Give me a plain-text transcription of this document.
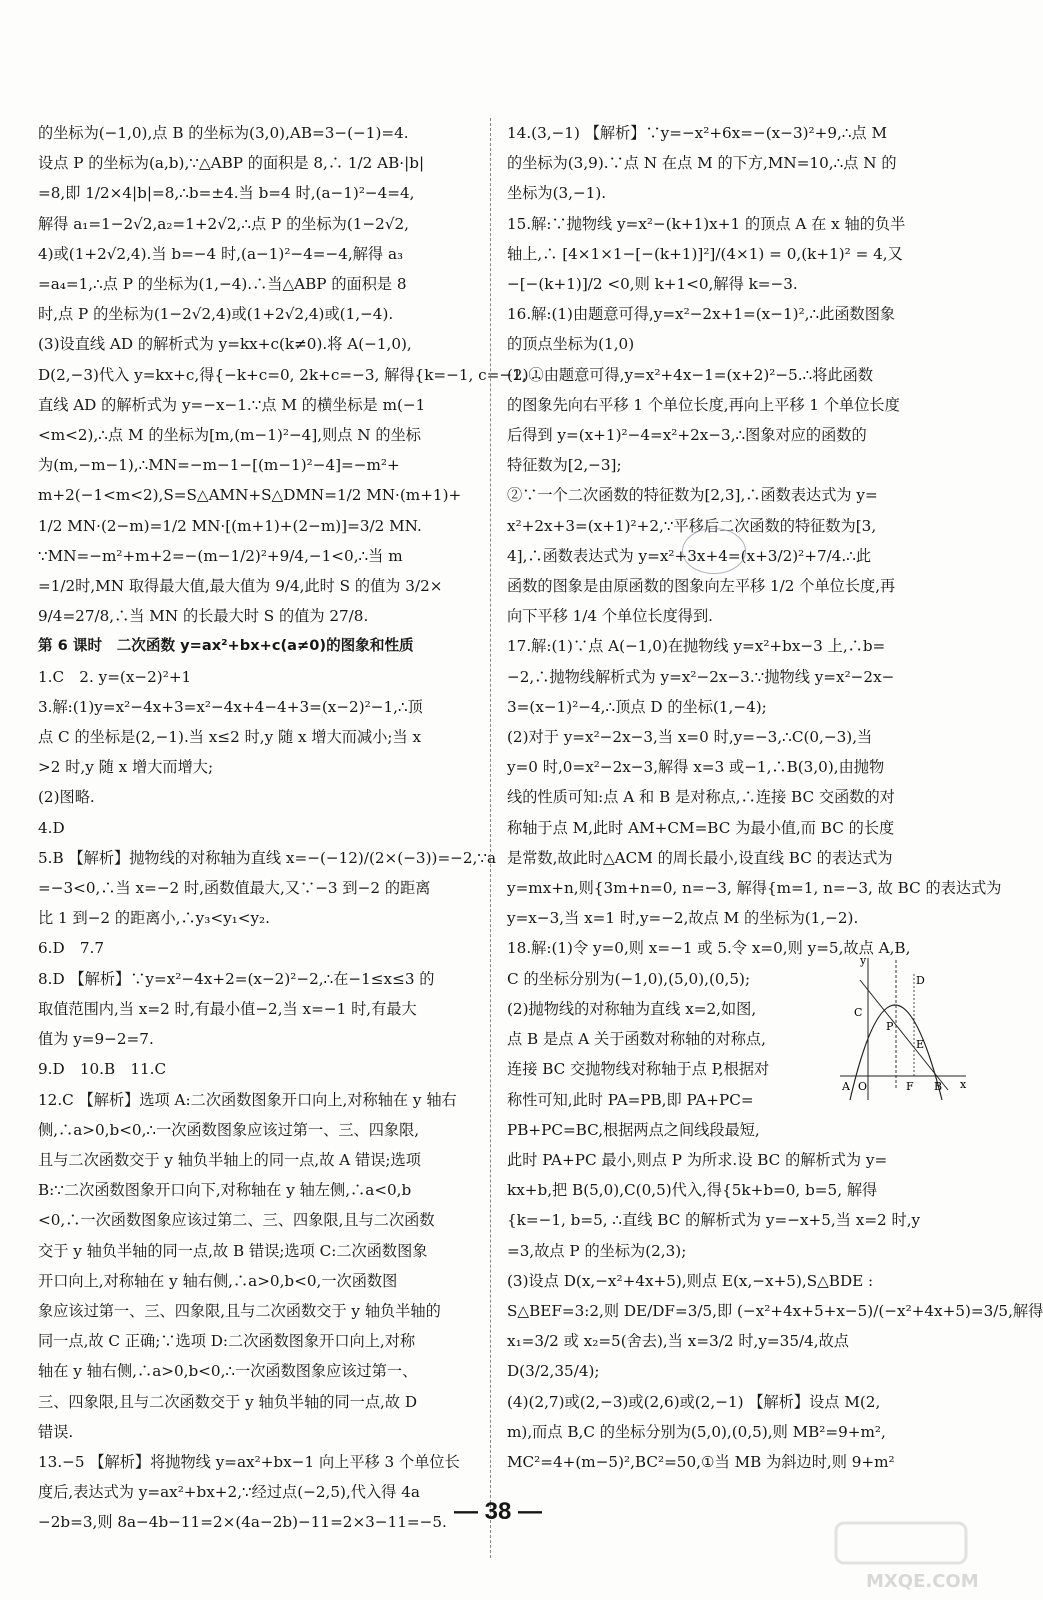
的坐标为(−1,0),点 B 的坐标为(3,0),AB=3−(−1)=4.
设点 P 的坐标为(a,b),∵△ABP 的面积是 8,∴ 1/2 AB·|b|
=8,即 1/2×4|b|=8,∴b=±4.当 b=4 时,(a−1)²−4=4,
解得 a₁=1−2√2,a₂=1+2√2,∴点 P 的坐标为(1−2√2,
4)或(1+2√2,4).当 b=−4 时,(a−1)²−4=−4,解得 a₃
=a₄=1,∴点 P 的坐标为(1,−4).∴当△ABP 的面积是 8
时,点 P 的坐标为(1−2√2,4)或(1+2√2,4)或(1,−4).
(3)设直线 AD 的解析式为 y=kx+c(k≠0).将 A(−1,0),
D(2,−3)代入 y=kx+c,得{−k+c=0, 2k+c=−3, 解得{k=−1, c=−1, ∴
直线 AD 的解析式为 y=−x−1.∵点 M 的横坐标是 m(−1
<m<2),∴点 M 的坐标为[m,(m−1)²−4],则点 N 的坐标
为(m,−m−1),∴MN=−m−1−[(m−1)²−4]=−m²+
m+2(−1<m<2),S=S△AMN+S△DMN=1/2 MN·(m+1)+
1/2 MN·(2−m)=1/2 MN·[(m+1)+(2−m)]=3/2 MN.
∵MN=−m²+m+2=−(m−1/2)²+9/4,−1<0,∴当 m
=1/2时,MN 取得最大值,最大值为 9/4,此时 S 的值为 3/2×
9/4=27/8,∴当 MN 的长最大时 S 的值为 27/8.
第 6 课时　二次函数 y=ax²+bx+c(a≠0)的图象和性质
1.C　2. y=(x−2)²+1
3.解:(1)y=x²−4x+3=x²−4x+4−4+3=(x−2)²−1,∴顶
点 C 的坐标是(2,−1).当 x≤2 时,y 随 x 增大而减小;当 x
>2 时,y 随 x 增大而增大;
(2)图略.
4.D
5.B 【解析】抛物线的对称轴为直线 x=−(−12)/(2×(−3))=−2,∵a
=−3<0,∴当 x=−2 时,函数值最大,又∵−3 到−2 的距离
比 1 到−2 的距离小,∴y₃<y₁<y₂.
6.D　7.7
8.D 【解析】∵y=x²−4x+2=(x−2)²−2,∴在−1≤x≤3 的
取值范围内,当 x=2 时,有最小值−2,当 x=−1 时,有最大
值为 y=9−2=7.
9.D　10.B　11.C
12.C 【解析】选项 A:二次函数图象开口向上,对称轴在 y 轴右
侧,∴a>0,b<0,∴一次函数图象应该过第一、三、四象限,
且与二次函数交于 y 轴负半轴上的同一点,故 A 错误;选项
B:∵二次函数图象开口向下,对称轴在 y 轴左侧,∴a<0,b
<0,∴一次函数图象应该过第二、三、四象限,且与二次函数
交于 y 轴负半轴的同一点,故 B 错误;选项 C:二次函数图象
开口向上,对称轴在 y 轴右侧,∴a>0,b<0,一次函数图
象应该过第一、三、四象限,且与二次函数交于 y 轴负半轴的
同一点,故 C 正确;∵选项 D:二次函数图象开口向上,对称
轴在 y 轴右侧,∴a>0,b<0,∴一次函数图象应该过第一、
三、四象限,且与二次函数交于 y 轴负半轴的同一点,故 D
错误.
13.−5 【解析】将抛物线 y=ax²+bx−1 向上平移 3 个单位长
度后,表达式为 y=ax²+bx+2,∵经过点(−2,5),代入得 4a
−2b=3,则 8a−4b−11=2×(4a−2b)−11=2×3−11=−5.
14.(3,−1) 【解析】∵y=−x²+6x=−(x−3)²+9,∴点 M
的坐标为(3,9).∵点 N 在点 M 的下方,MN=10,∴点 N 的
坐标为(3,−1).
15.解:∵抛物线 y=x²−(k+1)x+1 的顶点 A 在 x 轴的负半
轴上,∴ [4×1×1−[−(k+1)]²]/(4×1) = 0,(k+1)² = 4,又
−[−(k+1)]/2 <0,则 k+1<0,解得 k=−3.
16.解:(1)由题意可得,y=x²−2x+1=(x−1)²,∴此函数图象
的顶点坐标为(1,0)
(2)①由题意可得,y=x²+4x−1=(x+2)²−5.∴将此函数
的图象先向右平移 1 个单位长度,再向上平移 1 个单位长度
后得到 y=(x+1)²−4=x²+2x−3,∴图象对应的函数的
特征数为[2,−3];
②∵一个二次函数的特征数为[2,3],∴函数表达式为 y=
x²+2x+3=(x+1)²+2,∵平移后二次函数的特征数为[3,
4],∴函数表达式为 y=x²+3x+4=(x+3/2)²+7/4.∴此
函数的图象是由原函数的图象向左平移 1/2 个单位长度,再
向下平移 1/4 个单位长度得到.
17.解:(1)∵点 A(−1,0)在抛物线 y=x²+bx−3 上,∴b=
−2,∴抛物线解析式为 y=x²−2x−3.∵抛物线 y=x²−2x−
3=(x−1)²−4,∴顶点 D 的坐标(1,−4);
(2)对于 y=x²−2x−3,当 x=0 时,y=−3,∴C(0,−3),当
y=0 时,0=x²−2x−3,解得 x=3 或−1,∴B(3,0),由抛物
线的性质可知:点 A 和 B 是对称点,∴连接 BC 交函数的对
称轴于点 M,此时 AM+CM=BC 为最小值,而 BC 的长度
是常数,故此时△ACM 的周长最小,设直线 BC 的表达式为
y=mx+n,则{3m+n=0, n=−3, 解得{m=1, n=−3, 故 BC 的表达式为
y=x−3,当 x=1 时,y=−2,故点 M 的坐标为(1,−2).
18.解:(1)令 y=0,则 x=−1 或 5.令 x=0,则 y=5,故点 A,B,
C 的坐标分别为(−1,0),(5,0),(0,5);
(2)抛物线的对称轴为直线 x=2,如图,
点 B 是点 A 关于函数对称轴的对称点,
连接 BC 交抛物线对称轴于点 P,根据对
称性可知,此时 PA=PB,即 PA+PC=
PB+PC=BC,根据两点之间线段最短,
此时 PA+PC 最小,则点 P 为所求.设 BC 的解析式为 y=
kx+b,把 B(5,0),C(0,5)代入,得{5k+b=0, b=5, 解得
{k=−1, b=5, ∴直线 BC 的解析式为 y=−x+5,当 x=2 时,y
=3,故点 P 的坐标为(2,3);
(3)设点 D(x,−x²+4x+5),则点 E(x,−x+5),S△BDE :
S△BEF=3:2,则 DE/DF=3/5,即 (−x²+4x+5+x−5)/(−x²+4x+5)=3/5,解得
x₁=3/2 或 x₂=5(舍去),当 x=3/2 时,y=35/4,故点
D(3/2,35/4);
(4)(2,7)或(2,−3)或(2,6)或(2,−1) 【解析】设点 M(2,
m),而点 B,C 的坐标分别为(5,0),(0,5),则 MB²=9+m²,
MC²=4+(m−5)²,BC²=50,①当 MB 为斜边时,则 9+m²
y
x
C
D
P
E
A O	F B
— 38 —
MXQE.COM
